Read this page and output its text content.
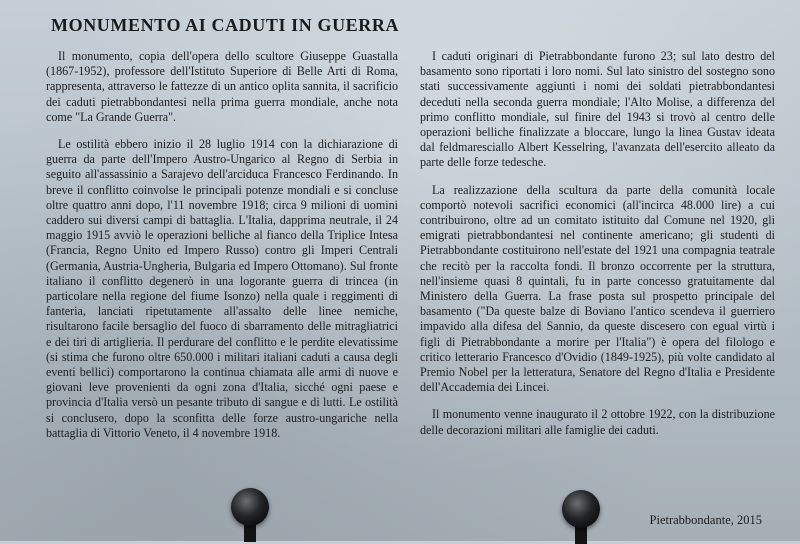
MONUMENTO AI CADUTI IN GUERRA

Il monumento, copia dell'opera dello scultore Giuseppe Guastalla (1867-1952), professore dell'Istituto Superiore di Belle Arti di Roma, rappresenta, attraverso le fattezze di un antico oplita sannita, il sacrificio dei caduti pietrabbondantesi nella prima guerra mondiale, anche nota come "La Grande Guerra".

Le ostilità ebbero inizio il 28 luglio 1914 con la dichiarazione di guerra da parte dell'Impero Austro-Ungarico al Regno di Serbia in seguito all'assassinio a Sarajevo dell'arciduca Francesco Ferdinando. In breve il conflitto coinvolse le principali potenze mondiali e si concluse oltre quattro anni dopo, l'11 novembre 1918; circa 9 milioni di uomini caddero sui diversi campi di battaglia. L'Italia, dapprima neutrale, il 24 maggio 1915 avviò le operazioni belliche al fianco della Triplice Intesa (Francia, Regno Unito ed Impero Russo) contro gli Imperi Centrali (Germania, Austria-Ungheria, Bulgaria ed Impero Ottomano). Sul fronte italiano il conflitto degenerò in una logorante guerra di trincea (in particolare nella regione del fiume Isonzo) nella quale i reggimenti di fanteria, lanciati ripetutamente all'assalto delle linee nemiche, risultarono facile bersaglio del fuoco di sbarramento delle mitragliatrici e dei tiri di artiglieria. Il perdurare del conflitto e le perdite elevatissime (si stima che furono oltre 650.000 i militari italiani caduti a causa degli eventi bellici) comportarono la continua chiamata alle armi di nuove e giovani leve provenienti da ogni zona d'Italia, sicché ogni paese e provincia d'Italia versò un pesante tributo di sangue e di lutti. Le ostilità si conclusero, dopo la sconfitta delle forze austro-ungariche nella battaglia di Vittorio Veneto, il 4 novembre 1918.

I caduti originari di Pietrabbondante furono 23; sul lato destro del basamento sono riportati i loro nomi. Sul lato sinistro del sostegno sono stati successivamente aggiunti i nomi dei soldati pietrabbondantesi deceduti nella seconda guerra mondiale; l'Alto Molise, a differenza del primo conflitto mondiale, sul finire del 1943 si trovò al centro delle operazioni belliche finalizzate a bloccare, lungo la linea Gustav ideata dal feldmaresciallo Albert Kesselring, l'avanzata dell'esercito alleato da parte delle forze tedesche.

La realizzazione della scultura da parte della comunità locale comportò notevoli sacrifici economici (all'incirca 48.000 lire) a cui contribuirono, oltre ad un comitato istituito dal Comune nel 1920, gli emigrati pietrabbondantesi nel continente americano; gli studenti di Pietrabbondante costituirono nell'estate del 1921 una compagnia teatrale che recitò per la raccolta fondi. Il bronzo occorrente per la struttura, nell'insieme quasi 8 quintali, fu in parte concesso gratuitamente dal Ministero della Guerra. La frase posta sul prospetto principale del basamento ("Da queste balze di Boviano l'antico scendeva il guerriero impavido alla difesa del Sannio, da queste discesero con egual virtù i figli di Pietrabbondante a morire per l'Italia") è opera del filologo e critico letterario Francesco d'Ovidio (1849-1925), più volte candidato al Premio Nobel per la letteratura, Senatore del Regno d'Italia e Presidente dell'Accademia dei Lincei.

Il monumento venne inaugurato il 2 ottobre 1922, con la distribuzione delle decorazioni militari alle famiglie dei caduti.

Pietrabbondante, 2015
